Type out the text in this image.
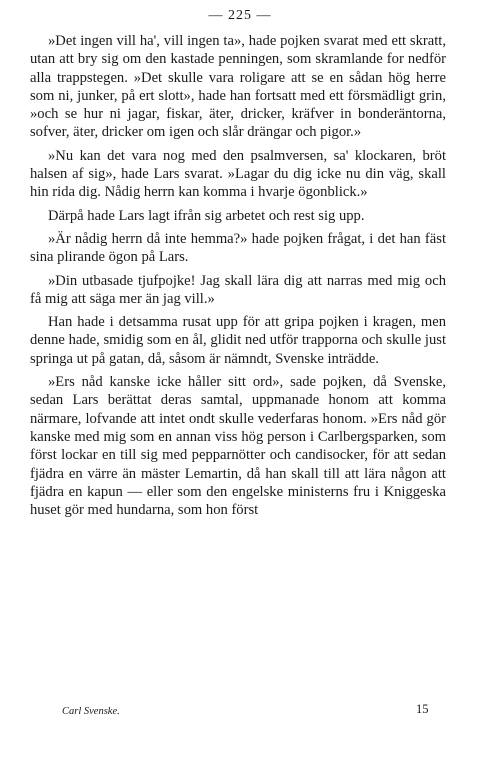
— 225 —

»Det ingen vill ha', vill ingen ta», hade pojken svarat med ett skratt, utan att bry sig om den kastade penningen, som skramlande for nedför alla trappstegen. »Det skulle vara roligare att se en sådan hög herre som ni, junker, på ert slott», hade han fortsatt med ett försmädligt grin, »och se hur ni jagar, fiskar, äter, dricker, kräfver in bonderäntorna, sofver, äter, dricker om igen och slår drängar och pigor.»

»Nu kan det vara nog med den psalmversen, sa' klockaren, bröt halsen af sig», hade Lars svarat. »Lagar du dig icke nu din väg, skall hin rida dig. Nådig herrn kan komma i hvarje ögonblick.»

Därpå hade Lars lagt ifrån sig arbetet och rest sig upp.

»Är nådig herrn då inte hemma?» hade pojken frågat, i det han fäst sina plirande ögon på Lars.

»Din utbasade tjufpojke! Jag skall lära dig att narras med mig och få mig att säga mer än jag vill.»

Han hade i detsamma rusat upp för att gripa pojken i kragen, men denne hade, smidig som en ål, glidit ned utför trapporna och skulle just springa ut på gatan, då, såsom är nämndt, Svenske inträdde.

»Ers nåd kanske icke håller sitt ord», sade pojken, då Svenske, sedan Lars berättat deras samtal, uppmanade honom att komma närmare, lofvande att intet ondt skulle vederfaras honom. »Ers nåd gör kanske med mig som en annan viss hög person i Carlbergsparken, som först lockar en till sig med pepparnötter och candisocker, för att sedan fjädra en värre än mäster Lemartin, då han skall till att lära någon att fjädra en kapun — eller som den engelske ministerns fru i Kniggeska huset gör med hundarna, som hon först

Carl Svenske.	15
